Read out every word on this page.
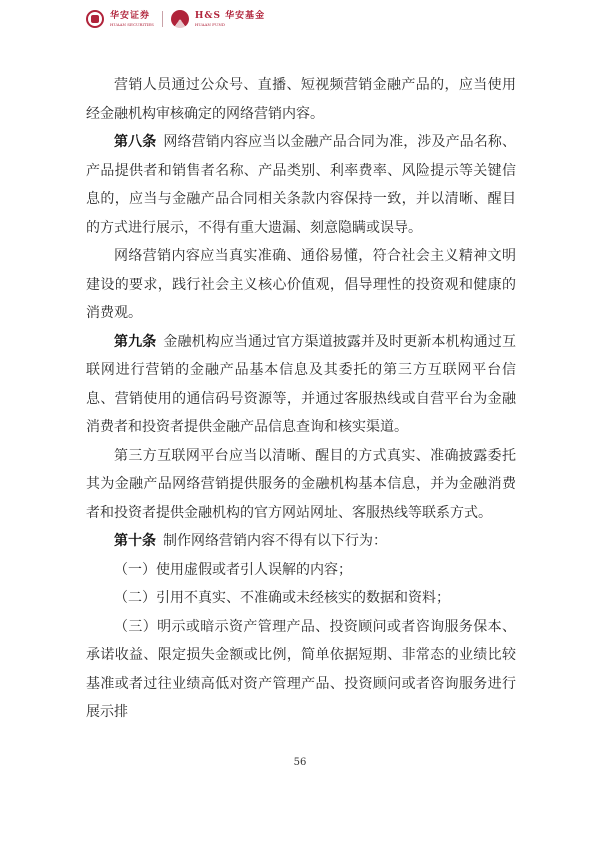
华安证券
HUAAN SECURITIES
H&S 华安基金
HUAAN FUND

营销人员通过公众号、直播、短视频营销金融产品的，应当使用经金融机构审核确定的网络营销内容。

第八条  网络营销内容应当以金融产品合同为准，涉及产品名称、产品提供者和销售者名称、产品类别、利率费率、风险提示等关键信息的，应当与金融产品合同相关条款内容保持一致，并以清晰、醒目的方式进行展示，不得有重大遗漏、刻意隐瞒或误导。

网络营销内容应当真实准确、通俗易懂，符合社会主义精神文明建设的要求，践行社会主义核心价值观，倡导理性的投资观和健康的消费观。

第九条  金融机构应当通过官方渠道披露并及时更新本机构通过互联网进行营销的金融产品基本信息及其委托的第三方互联网平台信息、营销使用的通信码号资源等，并通过客服热线或自营平台为金融消费者和投资者提供金融产品信息查询和核实渠道。

第三方互联网平台应当以清晰、醒目的方式真实、准确披露委托其为金融产品网络营销提供服务的金融机构基本信息，并为金融消费者和投资者提供金融机构的官方网站网址、客服热线等联系方式。

第十条  制作网络营销内容不得有以下行为：

（一）使用虚假或者引人误解的内容；

（二）引用不真实、不准确或未经核实的数据和资料；

（三）明示或暗示资产管理产品、投资顾问或者咨询服务保本、承诺收益、限定损失金额或比例，简单依据短期、非常态的业绩比较基准或者过往业绩高低对资产管理产品、投资顾问或者咨询服务进行展示排

56
